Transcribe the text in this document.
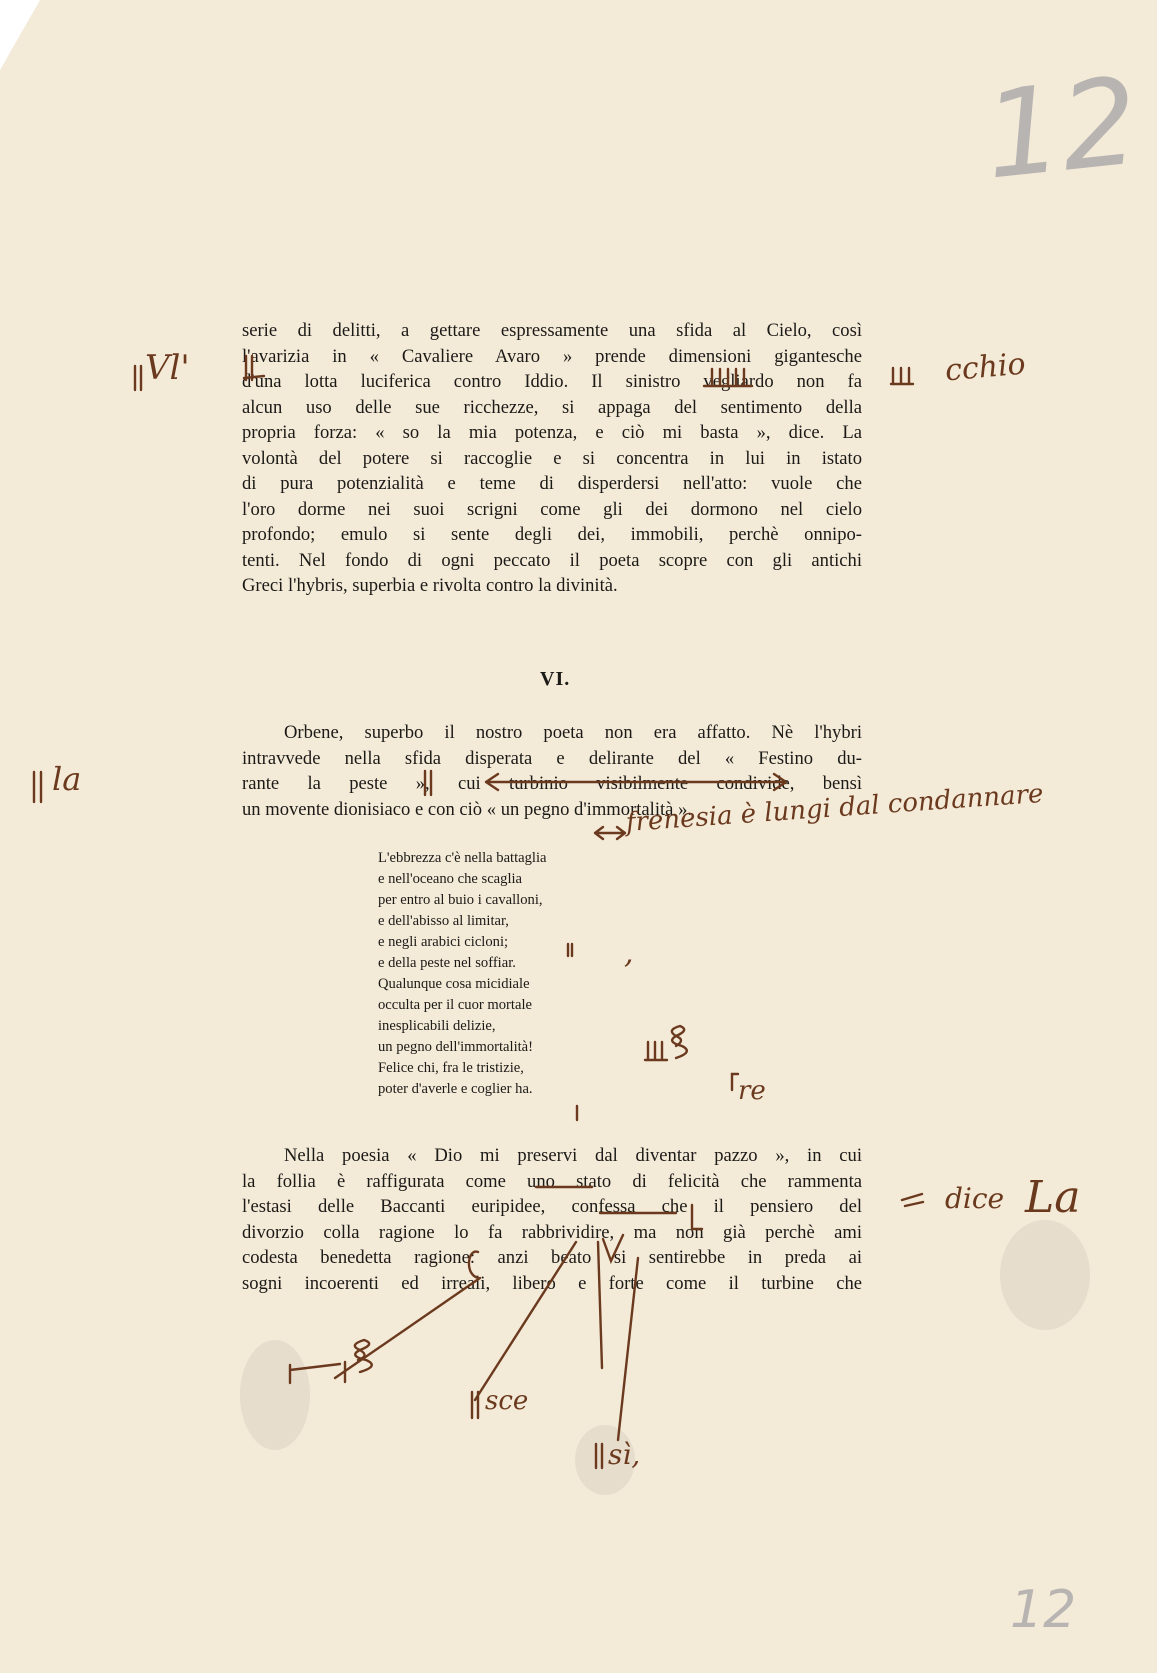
12
12
serie di delitti, a gettare espressamente una sfida al Cielo, così
l'avarizia in « Cavaliere Avaro » prende dimensioni gigantesche
d'una lotta luciferica contro Iddio. Il sinistro vegliardo non fa
alcun uso delle sue ricchezze, si appaga del sentimento della
propria forza: « so la mia potenza, e ciò mi basta », dice. La
volontà del potere si raccoglie e si concentra in lui in istato
di pura potenzialità e teme di disperdersi nell'atto: vuole che
l'oro dorme nei suoi scrigni come gli dei dormono nel cielo
profondo; emulo si sente degli dei, immobili, perchè onnipo-
tenti. Nel fondo di ogni peccato il poeta scopre con gli antichi
Greci l'hybris, superbia e rivolta contro la divinità.
VI.
Orbene, superbo il nostro poeta non era affatto. Nè l'hybri
intravvede nella sfida disperata e delirante del « Festino du-
rante la peste », cui turbinio visibilmente condivide, bensì
un movente dionisiaco e con ciò « un pegno d'immortalità ».
L'ebbrezza c'è nella battaglia
e nell'oceano che scaglia
per entro al buio i cavalloni,
e dell'abisso al limitar,
e negli arabici cicloni;
e della peste nel soffiar.
Qualunque cosa micidiale
occulta per il cuor mortale
inesplicabili delizie,
un pegno dell'immortalità!
Felice chi, fra le tristizie,
poter d'averle e coglier ha.
Nella poesia « Dio mi preservi dal diventar pazzo », in cui
la follia è raffigurata come uno stato di felicità che rammenta
l'estasi delle Baccanti euripidee, confessa che il pensiero del
divorzio colla ragione lo fa rabbrividire, ma non già perchè ami
codesta benedetta ragione: anzi beato si sentirebbe in preda ai
sogni incoerenti ed irreali, libero e forte come il turbine che
Vl'	cchio
la	frenesia è lungi dal condannare
,
re
dice La
sce
sì,
